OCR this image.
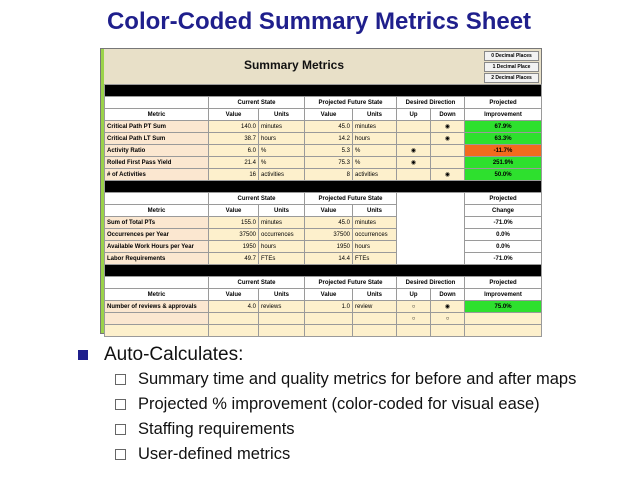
Color-Coded Summary Metrics Sheet
Summary Metrics
0 Decimal Places
1 Decimal Place
2 Decimal Places
Predefined Performance Metrics							
	Current State		Projected Future State		Desired Direction		Projected
Metric	Value	Units	Value	Units	Up	Down	Improvement
Critical Path PT Sum	140.0	minutes	45.0	minutes		◉	67.9%
Critical Path LT Sum	38.7	hours	14.2	hours		◉	63.3%
Activity Ratio	6.0	%	5.3	%	◉		-11.7%
Rolled First Pass Yield	21.4	%	75.3	%	◉		251.9%
# of Activities	16	activities	8	activities		◉	50.0%
Capacity Calculations							
	Current State		Projected Future State				Projected
Metric	Value	Units	Value	Units			Change
Sum of Total PTs	155.0	minutes	45.0	minutes			-71.0%
Occurrences per Year	37500	occurrences	37500	occurrences			0.0%
Available Work Hours per Year	1950	hours	1950	hours			0.0%
Labor Requirements	49.7	FTEs	14.4	FTEs			-71.0%
User-defined Performance Metrics							
	Current State		Projected Future State		Desired Direction		Projected
Metric	Value	Units	Value	Units	Up	Down	Improvement
Number of reviews & approvals	4.0	reviews	1.0	review	○	◉	75.0%
					○	○	

Auto-Calculates:
Summary time and quality metrics for before and after maps
Projected % improvement (color-coded for visual ease)
Staffing requirements
User-defined metrics
